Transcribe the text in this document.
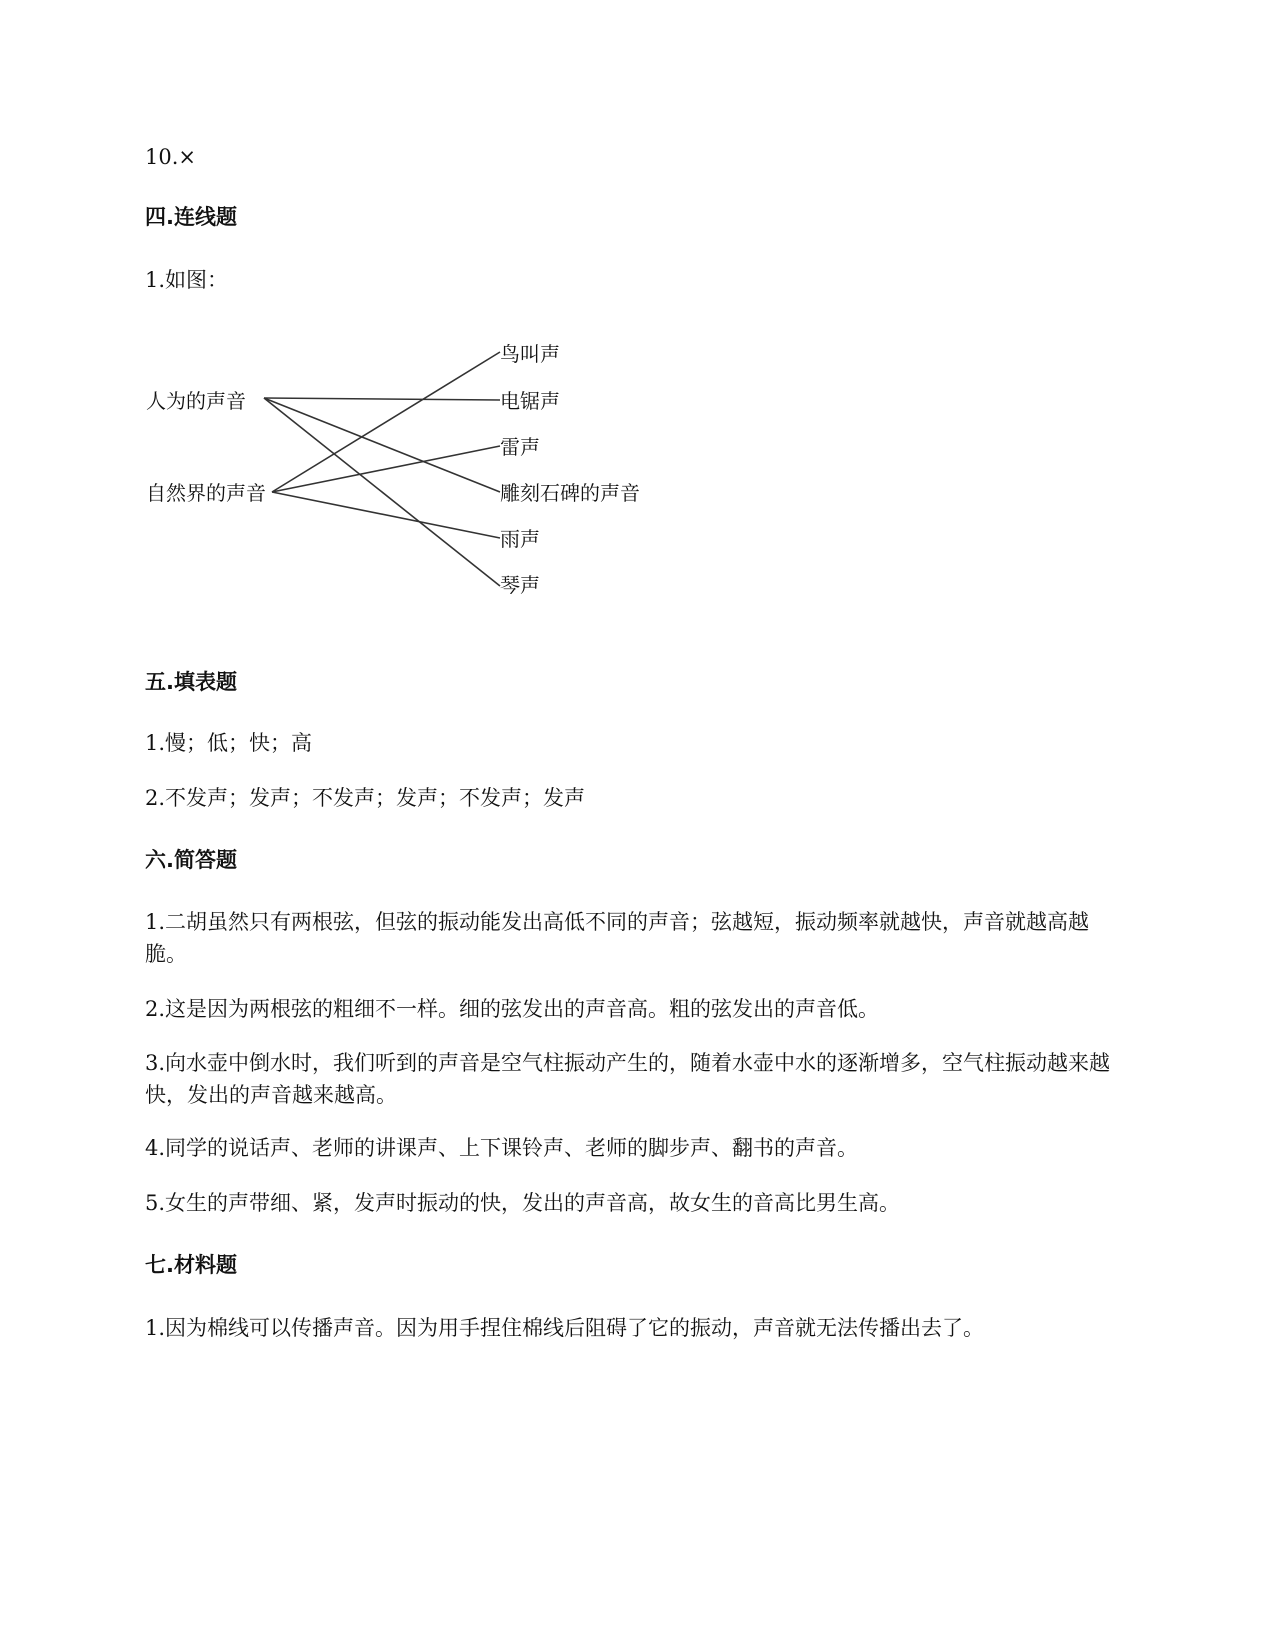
10.×
四.连线题
1.如图：
人为的声音
自然界的声音
鸟叫声
电锯声
雷声
雕刻石碑的声音
雨声
琴声
五.填表题
1.慢；低；快；高
2.不发声；发声；不发声；发声；不发声；发声
六.简答题
1.二胡虽然只有两根弦，但弦的振动能发出高低不同的声音；弦越短，振动频率就越快，声音就越高越脆。
2.这是因为两根弦的粗细不一样。细的弦发出的声音高。粗的弦发出的声音低。
3.向水壶中倒水时，我们听到的声音是空气柱振动产生的，随着水壶中水的逐渐增多，空气柱振动越来越快，发出的声音越来越高。
4.同学的说话声、老师的讲课声、上下课铃声、老师的脚步声、翻书的声音。
5.女生的声带细、紧，发声时振动的快，发出的声音高，故女生的音高比男生高。
七.材料题
1.因为棉线可以传播声音。因为用手捏住棉线后阻碍了它的振动，声音就无法传播出去了。
